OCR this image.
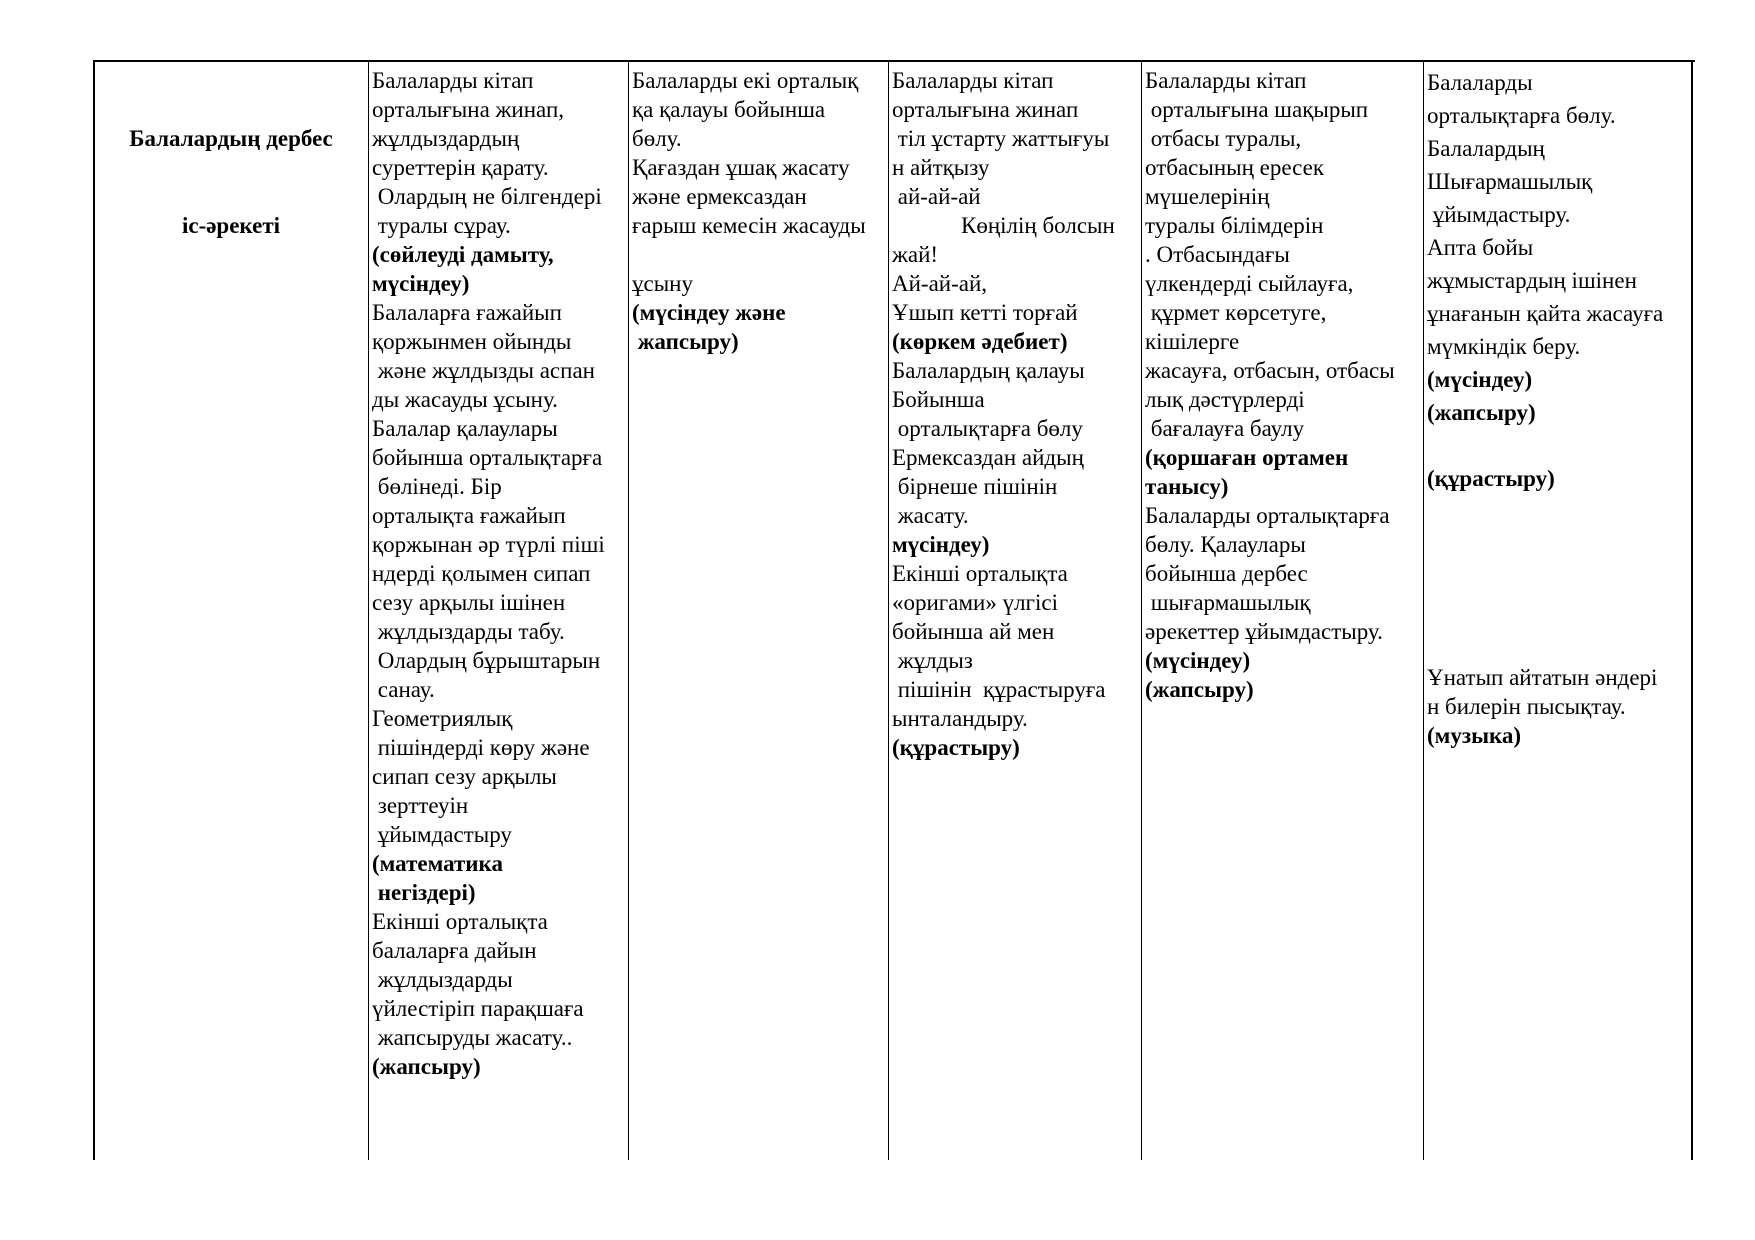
Балалардың дербес

іс-әрекеті

Балаларды кітап

орталығына жинап,

жұлдыздардың

суреттерін қарату.

Олардың не білгендері

туралы сұрау.

(сөйлеуді дамыту,

мүсіндеу)

Балаларға ғажайып

қоржынмен ойынды

және жұлдызды аспан

ды жасауды ұсыну.

Балалар қалаулары

бойынша орталықтарға

бөлінеді. Бір

орталықта ғажайып

қоржынан әр түрлі пішi

ндерді қолымен сипап

сезу арқылы ішінен

жұлдыздарды табу.

Олардың бұрыштарын

санау.

Геометриялық

пішіндерді көру және

сипап сезу арқылы

зерттеуін

ұйымдастыру

(математика

негіздері)

Екінші орталықта

балаларға дайын

жұлдыздарды

үйлестіріп парақшаға

жапсыруды жасату..

(жапсыру)

Балаларды екі орталық

қа қалауы бойынша

бөлу.

Қағаздан ұшақ жасату

және ермексаздан

ғарыш кемесін жасауды

ұсыну

(мүсіндеу және

жапсыру)

Балаларды кітап

орталығына жинап

тіл ұстарту жаттығуы

н айтқызу

ай-ай-ай

Көңілің болсын

жай!

Ай-ай-ай,

Ұшып кетті торғай

(көркем әдебиет)

Балалардың қалауы

Бойынша

орталықтарға бөлу

Ермексаздан айдың

бірнеше пішінін

жасату.

мүсіндеу)

Екінші орталықта

«оригами» үлгісі

бойынша ай мен

жұлдыз

пішінін  құрастыруға

ынталандыру.

(құрастыру)

Балаларды кітап

орталығына шақырып

отбасы туралы,

отбасының ересек

мүшелерінің

туралы білімдерін

. Отбасындағы

үлкендерді сыйлауға,

құрмет көрсетуге,

кішілерге

жасауға, отбасын, отбасы

лық дәстүрлерді

бағалауға баулу

(қоршаған ортамен

танысу)

Балаларды орталықтарға

бөлу. Қалаулары

бойынша дербес

шығармашылық

әрекеттер ұйымдастыру.

(мүсіндеу)

(жапсыру)

Балаларды

орталықтарға бөлу.

Балалардың

Шығармашылық

ұйымдастыру.

Апта бойы

жұмыстардың ішінен

ұнағанын қайта жасауға

мүмкіндік беру.

(мүсіндеу)

(жапсыру)

(құрастыру)

Ұнатып айтатын әндері

н билерін пысықтау.

(музыка)
